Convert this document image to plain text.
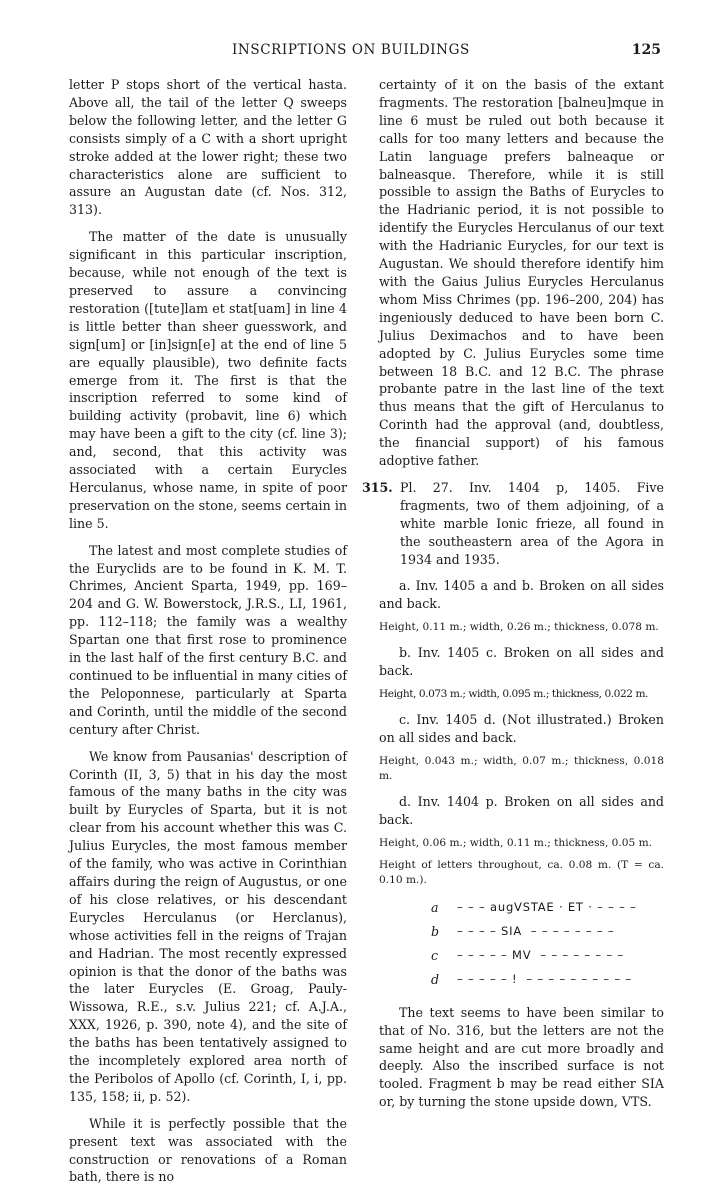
INSCRIPTIONS ON BUILDINGS	125

letter P stops short of the vertical hasta. Above all, the tail of the letter Q sweeps below the following letter, and the letter G consists simply of a C with a short upright stroke added at the lower right; these two characteristics alone are sufficient to assure an Augustan date (cf. Nos. 312, 313).

The matter of the date is unusually significant in this particular inscription, because, while not enough of the text is preserved to assure a convincing restoration ([tute]lam et stat[uam] in line 4 is little better than sheer guesswork, and sign[um] or [in]sign[e] at the end of line 5 are equally plausible), two definite facts emerge from it. The first is that the inscription referred to some kind of building activity (probavit, line 6) which may have been a gift to the city (cf. line 3); and, second, that this activity was associated with a certain Eurycles Herculanus, whose name, in spite of poor preservation on the stone, seems certain in line 5.

The latest and most complete studies of the Euryclids are to be found in K. M. T. Chrimes, Ancient Sparta, 1949, pp. 169–204 and G. W. Bowerstock, J.R.S., LI, 1961, pp. 112–118; the family was a wealthy Spartan one that first rose to prominence in the last half of the first century B.C. and continued to be influential in many cities of the Peloponnese, particularly at Sparta and Corinth, until the middle of the second century after Christ.

We know from Pausanias' description of Corinth (II, 3, 5) that in his day the most famous of the many baths in the city was built by Eurycles of Sparta, but it is not clear from his account whether this was C. Julius Eurycles, the most famous member of the family, who was active in Corinthian affairs during the reign of Augustus, or one of his close relatives, or his descendant Eurycles Herculanus (or Herclanus), whose activities fell in the reigns of Trajan and Hadrian. The most recently expressed opinion is that the donor of the baths was the later Eurycles (E. Groag, Pauly-Wissowa, R.E., s.v. Julius 221; cf. A.J.A., XXX, 1926, p. 390, note 4), and the site of the baths has been tentatively assigned to the incompletely explored area north of the Peribolos of Apollo (cf. Corinth, I, i, pp. 135, 158; ii, p. 52).

While it is perfectly possible that the present text was associated with the construction or renovations of a Roman bath, there is no

certainty of it on the basis of the extant fragments. The restoration [balneu]mque in line 6 must be ruled out both because it calls for too many letters and because the Latin language prefers balneaque or balneasque. Therefore, while it is still possible to assign the Baths of Eurycles to the Hadrianic period, it is not possible to identify the Eurycles Herculanus of our text with the Hadrianic Eurycles, for our text is Augustan. We should therefore identify him with the Gaius Julius Eurycles Herculanus whom Miss Chrimes (pp. 196–200, 204) has ingeniously deduced to have been born C. Julius Deximachos and to have been adopted by C. Julius Eurycles some time between 18 B.C. and 12 B.C. The phrase probante patre in the last line of the text thus means that the gift of Herculanus to Corinth had the approval (and, doubtless, the financial support) of his famous adoptive father.

315. Pl. 27. Inv. 1404 p, 1405. Five fragments, two of them adjoining, of a white marble Ionic frieze, all found in the southeastern area of the Agora in 1934 and 1935.

a. Inv. 1405 a and b. Broken on all sides and back.

Height, 0.11 m.; width, 0.26 m.; thickness, 0.078 m.

b. Inv. 1405 c. Broken on all sides and back.

Height, 0.073 m.; width, 0.095 m.; thickness, 0.022 m.

c. Inv. 1405 d. (Not illustrated.) Broken on all sides and back.

Height, 0.043 m.; width, 0.07 m.; thickness, 0.018 m.

d. Inv. 1404 p. Broken on all sides and back.

Height, 0.06 m.; width, 0.11 m.; thickness, 0.05 m.

Height of letters throughout, ca. 0.08 m. (T = ca. 0.10 m.).

a	– – – augVSTAE · ET · – – – –
b	– – – – SIA  – – – – – – – –
c	– – – – – MV  – – – – – – – –
d	– – – – – !  – – – – – – – – – –

The text seems to have been similar to that of No. 316, but the letters are not the same height and are cut more broadly and deeply. Also the inscribed surface is not tooled. Fragment b may be read either SIA or, by turning the stone upside down, VTS.
